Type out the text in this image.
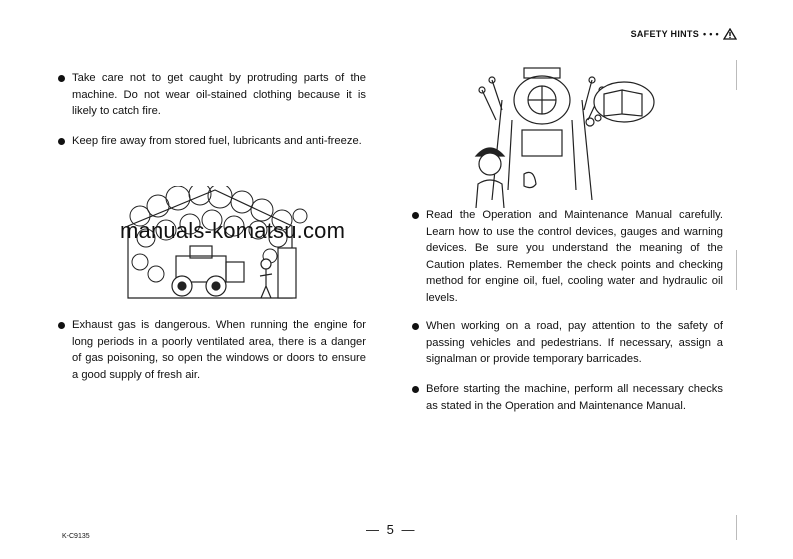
SAFETY HINTS • • •
Take care not to get caught by protruding parts of the machine. Do not wear oil-stained clothing because it is likely to catch fire.
Keep fire away from stored fuel, lubricants and anti-freeze.
Exhaust gas is dangerous. When running the engine for long periods in a poorly ventilated area, there is a danger of gas poisoning, so open the windows or doors to ensure a good supply of fresh air.
manuals-komatsu.com
Read the Operation and Maintenance Manual carefully. Learn how to use the control devices, gauges and warning devices. Be sure you understand the meaning of the Caution plates. Remember the check points and checking method for engine oil, fuel, cooling water and hydraulic oil levels.
When working on a road, pay attention to the safety of passing vehicles and pedestrians. If necessary, assign a signalman or provide temporary barricades.
Before starting the machine, perform all necessary checks as stated in the Operation and Maintenance Manual.
— 5 —
K-C9135
